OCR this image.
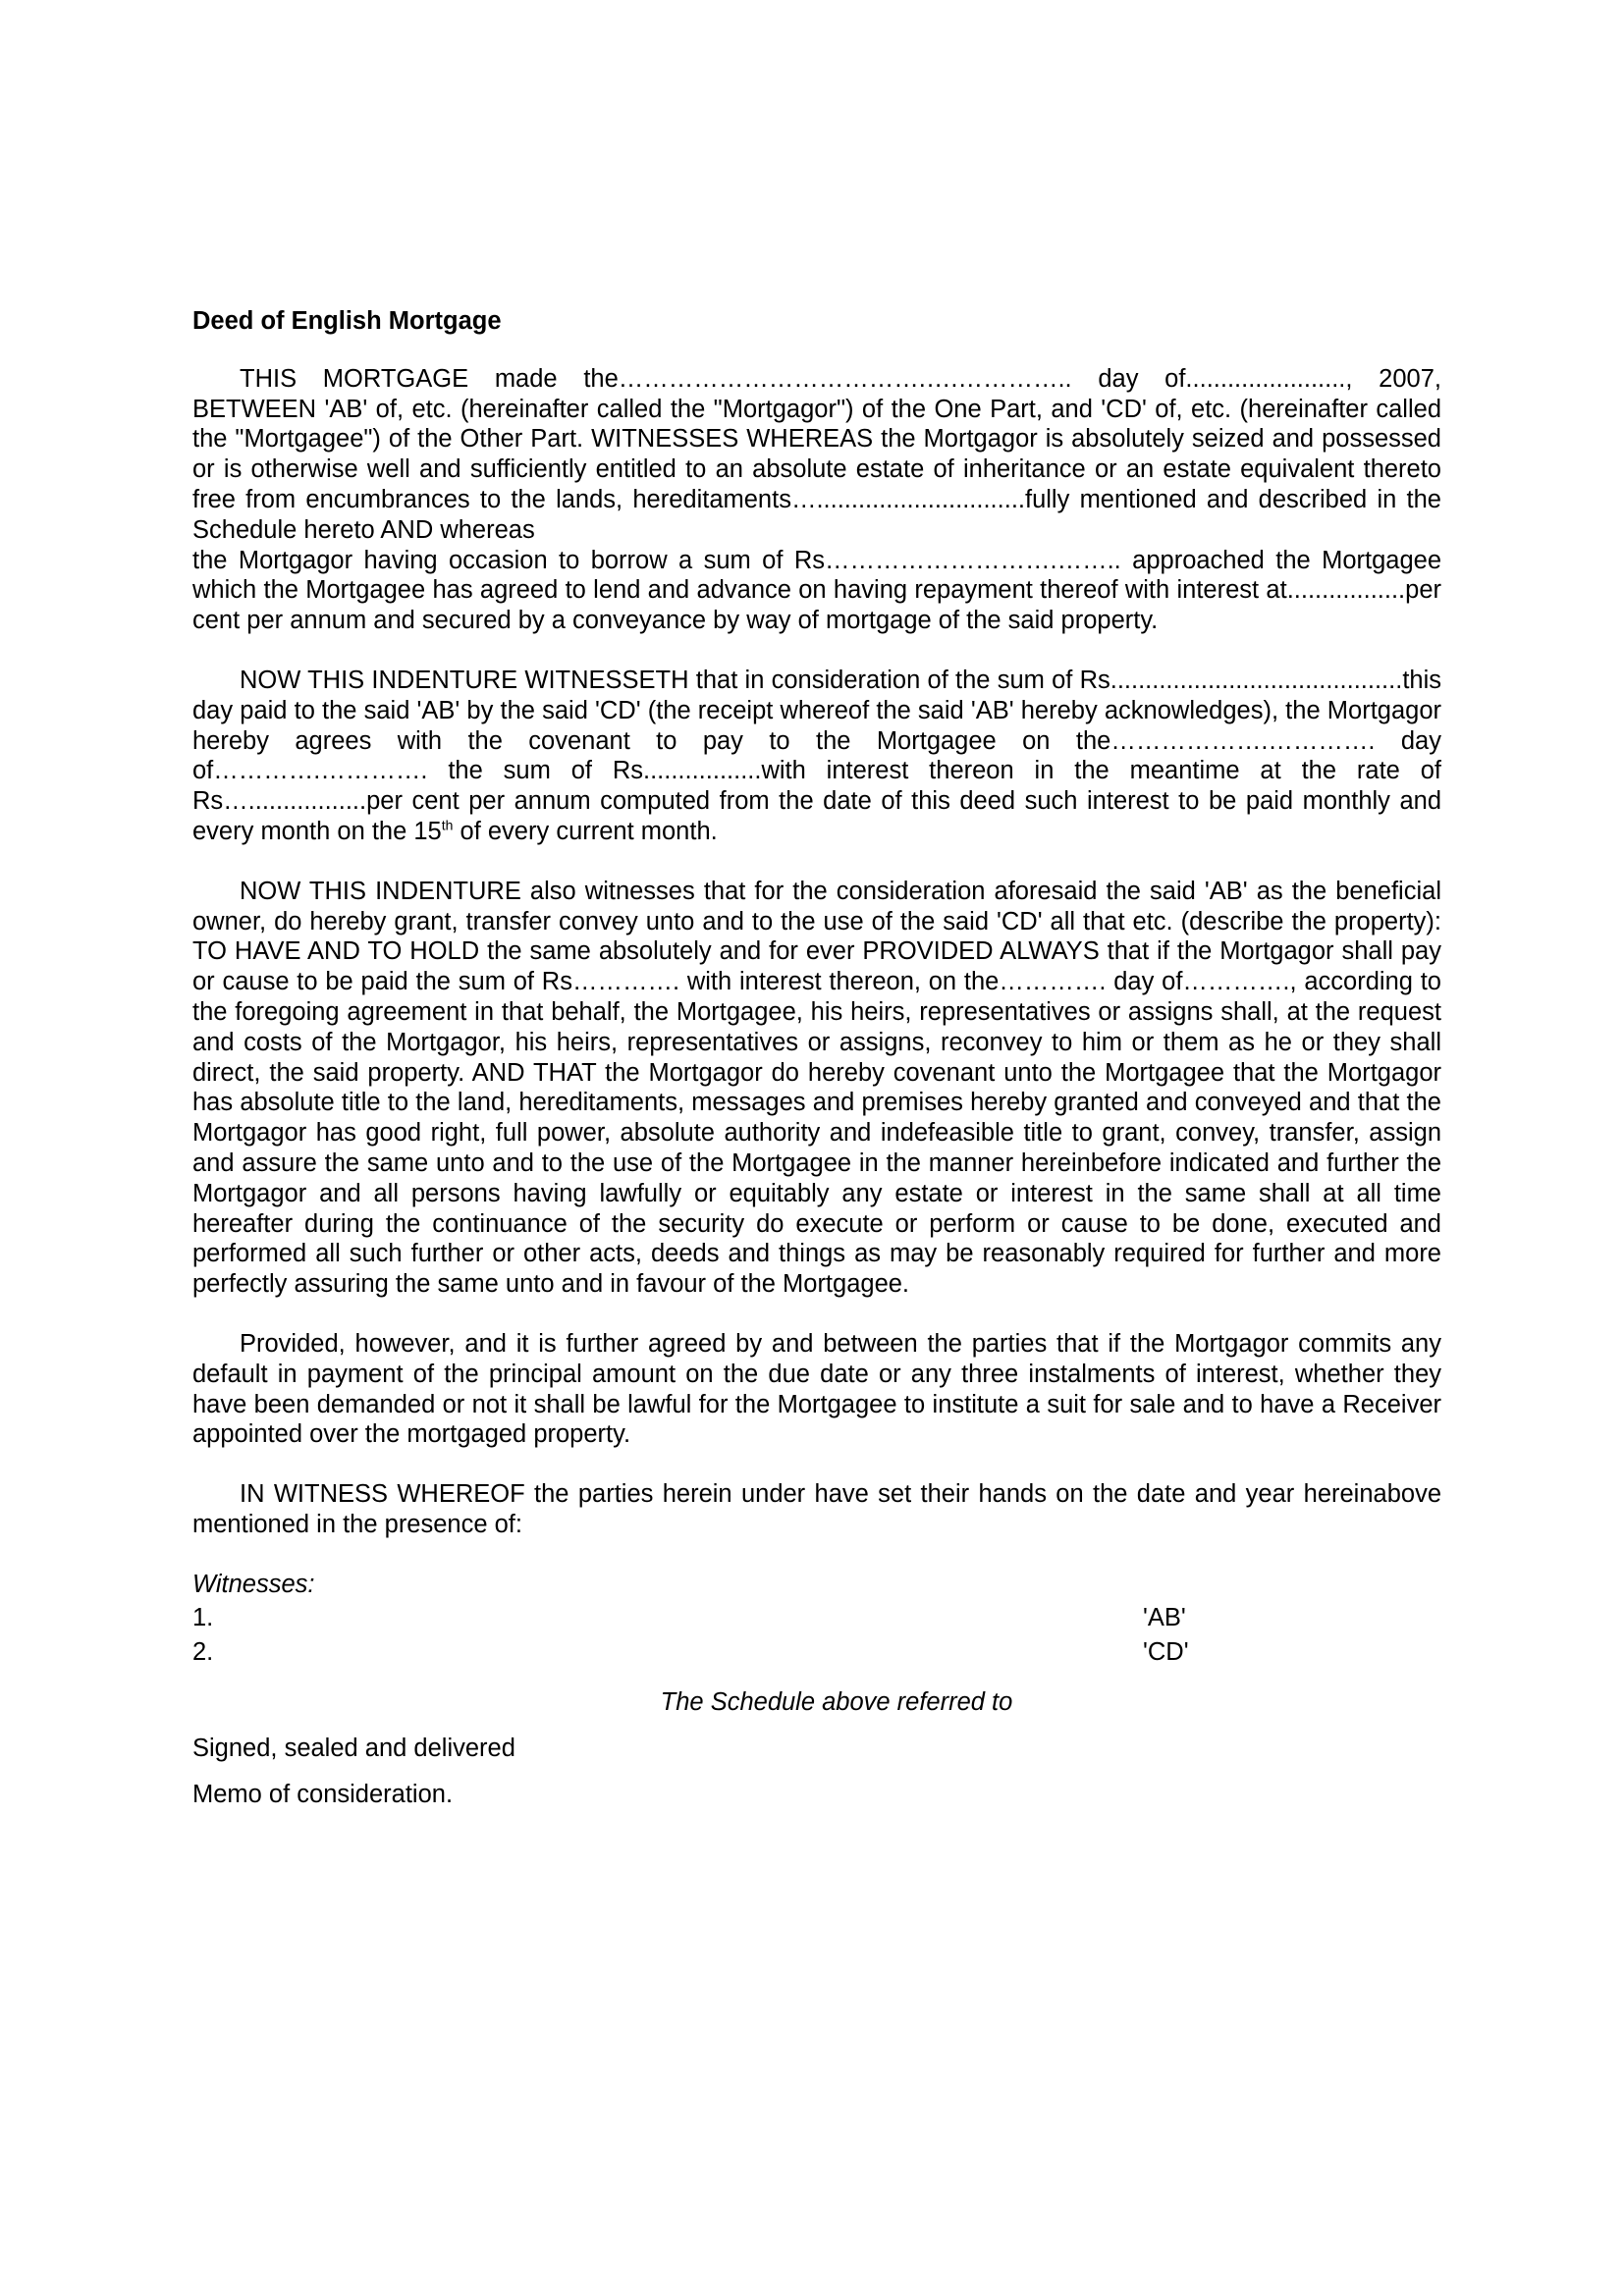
Deed of English Mortgage
THIS MORTGAGE made the……………………………….….………….. day of......................., 2007, BETWEEN 'AB' of, etc. (hereinafter called the "Mortgagor") of the One Part, and 'CD' of, etc. (hereinafter called the "Mortgagee") of the Other Part. WITNESSES WHEREAS the Mortgagor is absolutely seized and possessed or is otherwise well and sufficiently entitled to an absolute estate of inheritance or an estate equivalent thereto free from encumbrances to the lands, hereditaments…..............................fully mentioned and described in the Schedule hereto AND whereas
the Mortgagor having occasion to borrow a sum of Rs……………………….…….. approached the Mortgagee which the Mortgagee has agreed to lend and advance on having repayment thereof with interest at.................per cent per annum and secured by a conveyance by way of mortgage of the said property.
NOW THIS INDENTURE WITNESSETH that in consideration of the sum of Rs..........................................this day paid to the said 'AB' by the said 'CD' (the receipt whereof the said 'AB' hereby acknowledges), the Mortgagor hereby agrees with the covenant to pay to the Mortgagee on the……………….…………. day of………….…………. the sum of Rs.................with interest thereon in the meantime at the rate of Rs….................per cent per annum computed from the date of this deed such interest to be paid monthly and every month on the 15th of every current month.
NOW THIS INDENTURE also witnesses that for the consideration aforesaid the said 'AB' as the beneficial owner, do hereby grant, transfer convey unto and to the use of the said 'CD' all that etc. (describe the property): TO HAVE AND TO HOLD the same absolutely and for ever PROVIDED ALWAYS that if the Mortgagor shall pay or cause to be paid the sum of Rs…………. with interest thereon, on the…………. day of…………., according to the foregoing agreement in that behalf, the Mortgagee, his heirs, representatives or assigns shall, at the request and costs of the Mortgagor, his heirs, representatives or assigns, reconvey to him or them as he or they shall direct, the said property. AND THAT the Mortgagor do hereby covenant unto the Mortgagee that the Mortgagor has absolute title to the land, hereditaments, messages and premises hereby granted and conveyed and that the Mortgagor has good right, full power, absolute authority and indefeasible title to grant, convey, transfer, assign and assure the same unto and to the use of the Mortgagee in the manner hereinbefore indicated and further the Mortgagor and all persons having lawfully or equitably any estate or interest in the same shall at all time hereafter during the continuance of the security do execute or perform or cause to be done, executed and performed all such further or other acts, deeds and things as may be reasonably required for further and more perfectly assuring the same unto and in favour of the Mortgagee.
Provided, however, and it is further agreed by and between the parties that if the Mortgagor commits any default in payment of the principal amount on the due date or any three instalments of interest, whether they have been demanded or not it shall be lawful for the Mortgagee to institute a suit for sale and to have a Receiver appointed over the mortgaged property.
IN WITNESS WHEREOF the parties herein under have set their hands on the date and year hereinabove mentioned in the presence of:
Witnesses:
1.	'AB'
2.	'CD'
The Schedule above referred to
Signed, sealed and delivered
Memo of consideration.
